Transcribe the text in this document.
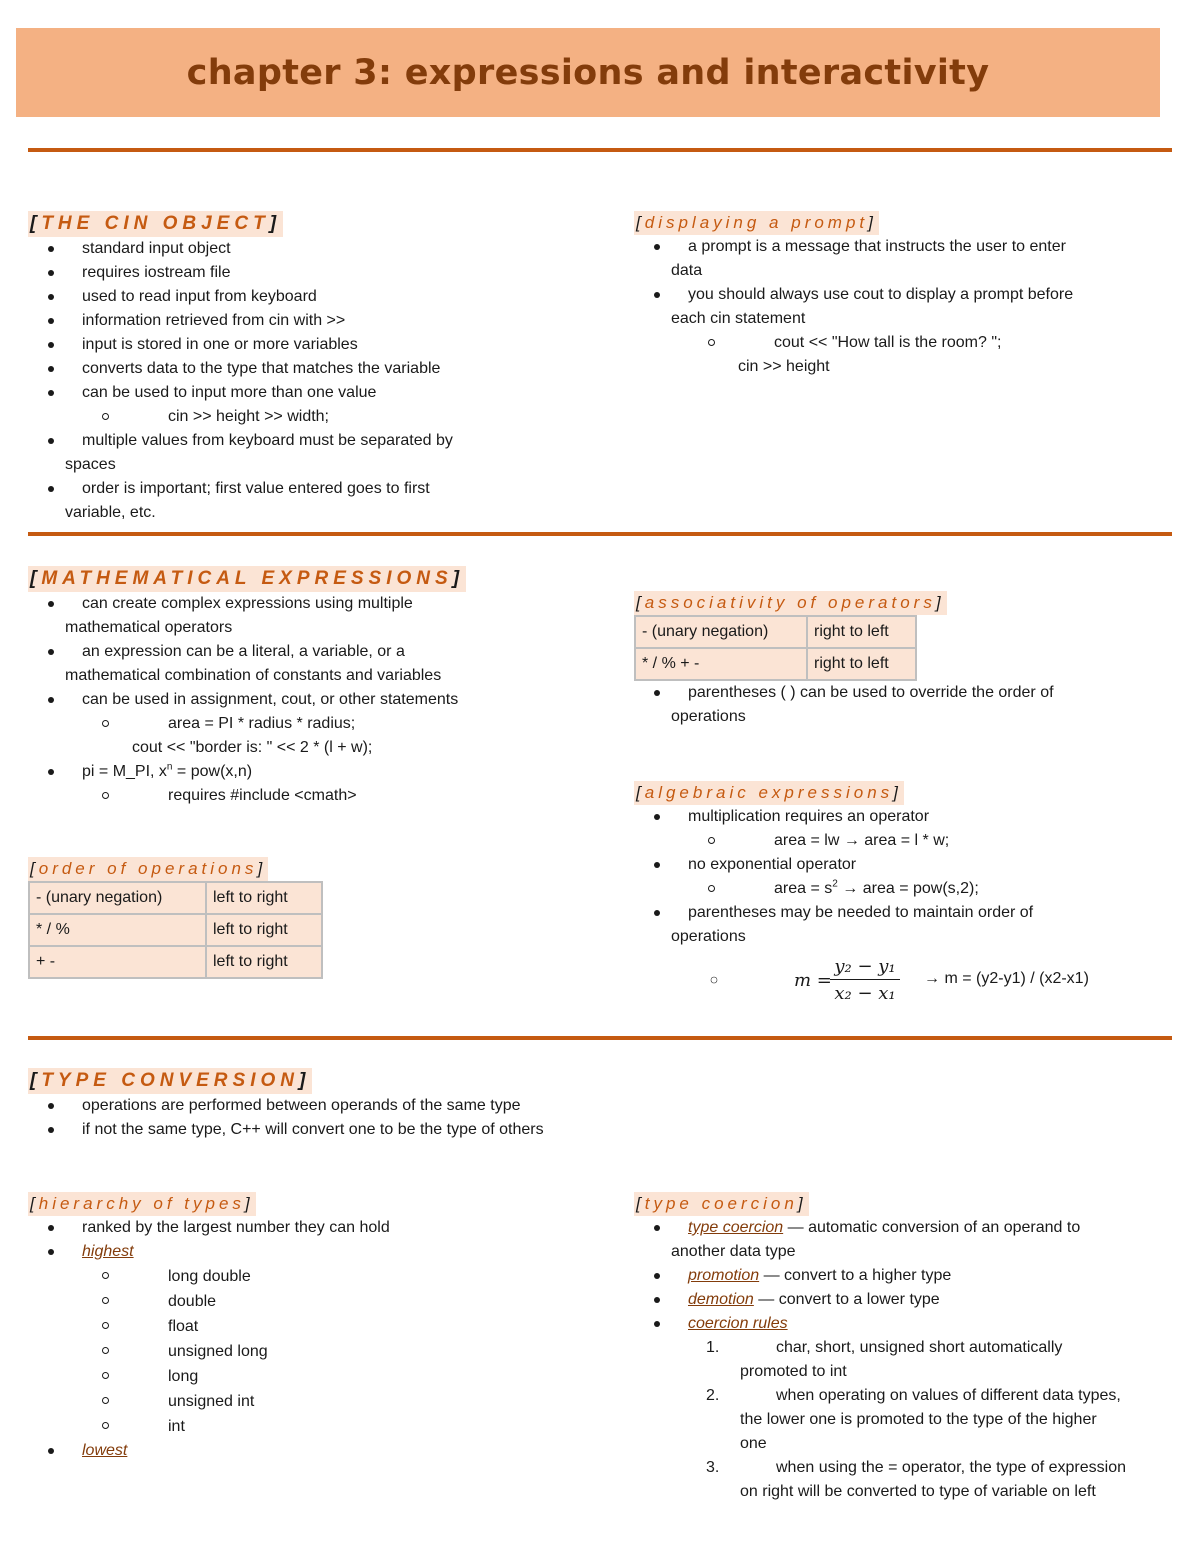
chapter 3: expressions and interactivity
[THE CIN OBJECT]
standard input object
requires iostream file
used to read input from keyboard
information retrieved from cin with >>
input is stored in one or more variables
converts data to the type that matches the variable
can be used to input more than one value
cin >> height >> width;
multiple values from keyboard must be separated by
spaces
order is important; first value entered goes to first
variable, etc.
[displaying a prompt]
a prompt is a message that instructs the user to enter
data
you should always use cout to display a prompt before
each cin statement
cout << "How tall is the room? ";

cin >> height
[MATHEMATICAL EXPRESSIONS]
can create complex expressions using multiple
mathematical operators
an expression can be a literal, a variable, or a
mathematical combination of constants and variables
can be used in assignment, cout, or other statements
area = PI * radius * radius;

cout << "border is: " << 2 * (l + w);
pi = M_PI, $x^n = pow(x,n)$
requires #include <cmath>
[order of operations]
- (unary negation)	left to right
* / %	left to right
+ -	left to right
[associativity of operators]
- (unary negation)	right to left
* / % + -	right to left
parentheses ( ) can be used to override the order of
operations
[algebraic expressions]
multiplication requires an operator
area = lw → area = l * w;
no exponential operator
area = $s^2$ → area = pow(s,2);
parentheses may be needed to maintain order of
operations
m =
y₂ − y₁
x₂ − x₁
→ m = (y2-y1) / (x2-x1)
[TYPE CONVERSION]
operations are performed between operands of the same type
if not the same type, C++ will convert one to be the type of others
[hierarchy of types]
ranked by the largest number they can hold
highest
long double
double
float
unsigned long
long
unsigned int
int
lowest
[type coercion]
type coercion — automatic conversion of an operand to
another data type
promotion — convert to a higher type
demotion — convert to a lower type
coercion rules
1.	char, short, unsigned short automatically

promoted to int
2.	when operating on values of different data types,

the lower one is promoted to the type of the higher
one
3.	when using the = operator, the type of expression

on right will be converted to type of variable on left
